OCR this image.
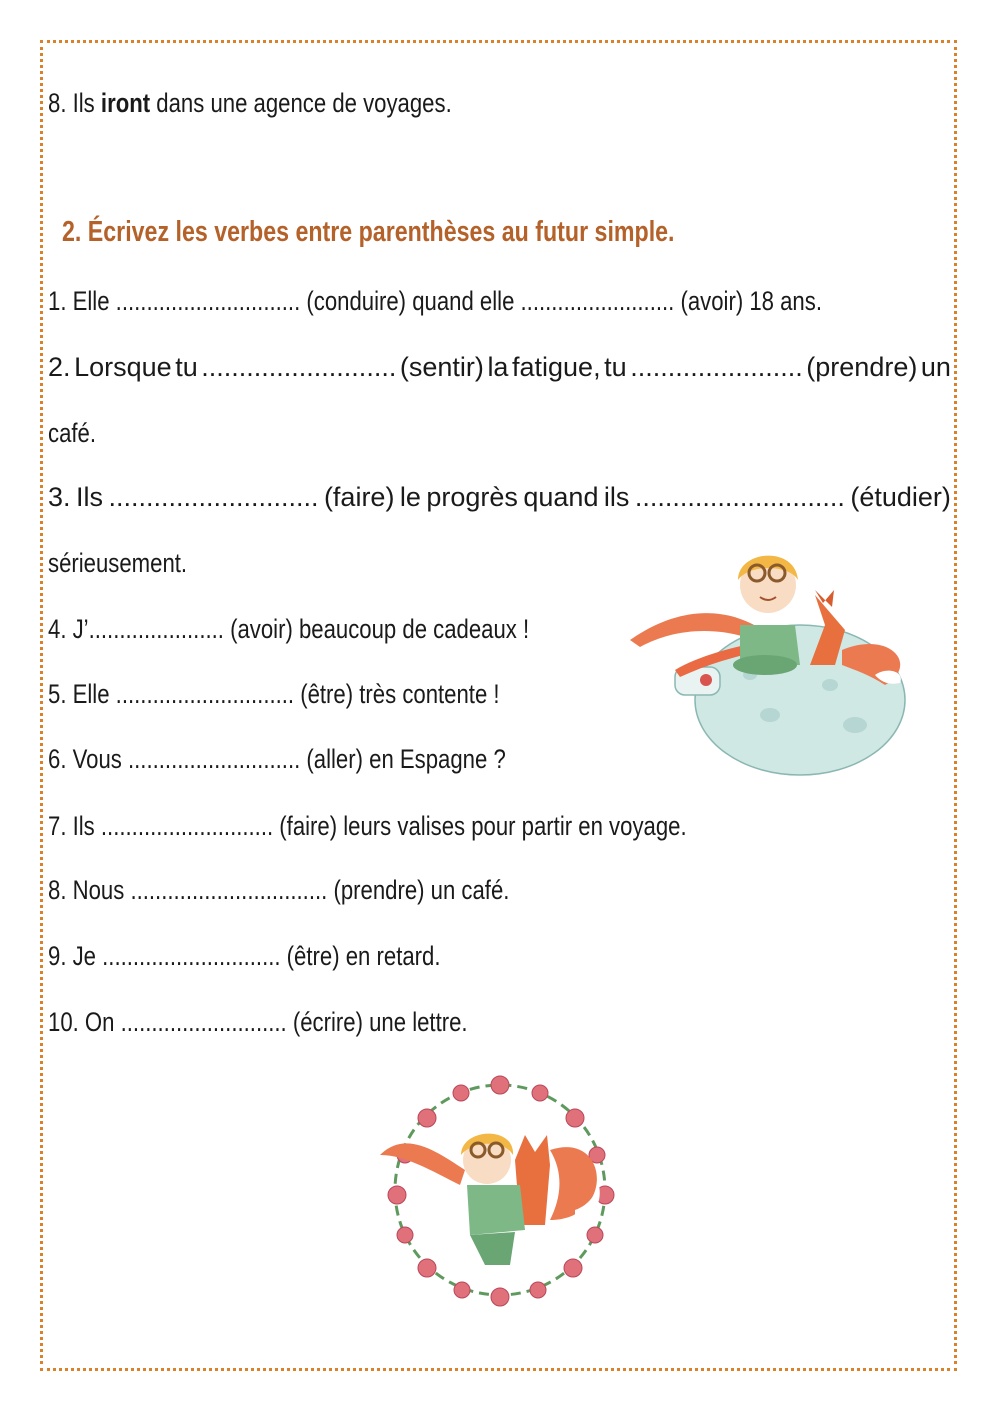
8. Ils iront dans une agence de voyages.
2. Écrivez les verbes entre parenthèses au futur simple.
1. Elle .............................. (conduire) quand elle ......................... (avoir) 18 ans.
2. Lorsque tu .......................... (sentir) la fatigue, tu ....................... (prendre) un
café.
3. Ils ............................ (faire) le progrès quand ils ............................ (étudier)
sérieusement.
4. J’...................... (avoir) beaucoup de cadeaux !
5. Elle ............................. (être) très contente !
6. Vous ............................ (aller) en Espagne ?
7. Ils ............................ (faire) leurs valises pour partir en voyage.
8. Nous ................................ (prendre) un café.
9. Je ............................. (être) en retard.
10. On ........................... (écrire) une lettre.
